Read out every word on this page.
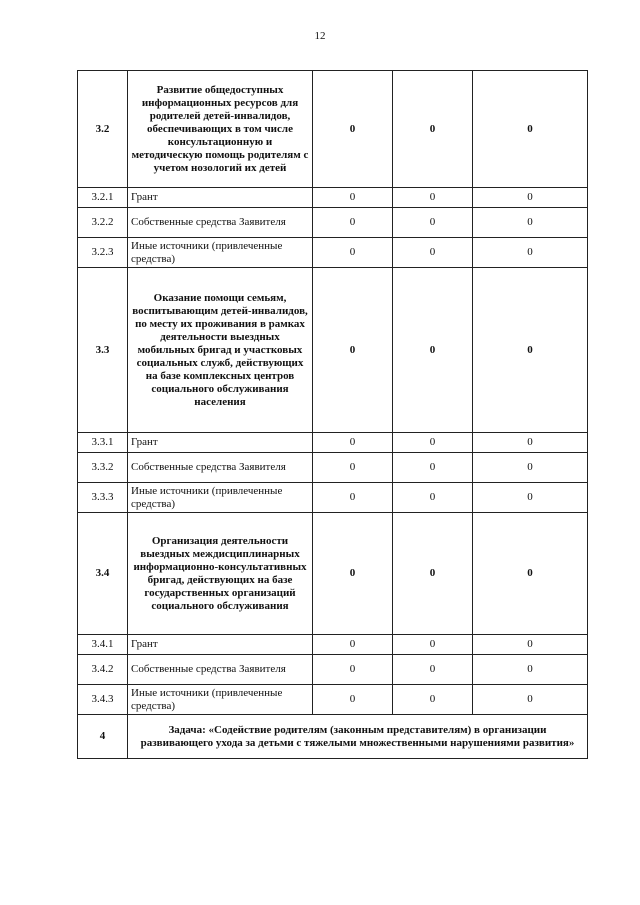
12
3.2	Развитие общедоступных информационных ресурсов для родителей детей-инвалидов, обеспечивающих в том числе консультационную и методическую помощь родителям с учетом нозологий их детей	0	0	0
3.2.1	Грант	0	0	0
3.2.2	Собственные средства Заявителя	0	0	0
3.2.3	Иные источники (привлеченные средства)	0	0	0
3.3	Оказание помощи семьям, воспитывающим детей-инвалидов, по месту их проживания в рамках деятельности выездных мобильных бригад и участковых социальных служб, действующих на базе комплексных центров социального обслуживания населения	0	0	0
3.3.1	Грант	0	0	0
3.3.2	Собственные средства Заявителя	0	0	0
3.3.3	Иные источники (привлеченные средства)	0	0	0
3.4	Организация деятельности выездных междисциплинарных информационно-консультативных бригад, действующих на базе государственных организаций социального обслуживания	0	0	0
3.4.1	Грант	0	0	0
3.4.2	Собственные средства Заявителя	0	0	0
3.4.3	Иные источники (привлеченные средства)	0	0	0
4	Задача: «Содействие родителям (законным представителям) в организации развивающего ухода за детьми с тяжелыми множественными нарушениями развития»			
